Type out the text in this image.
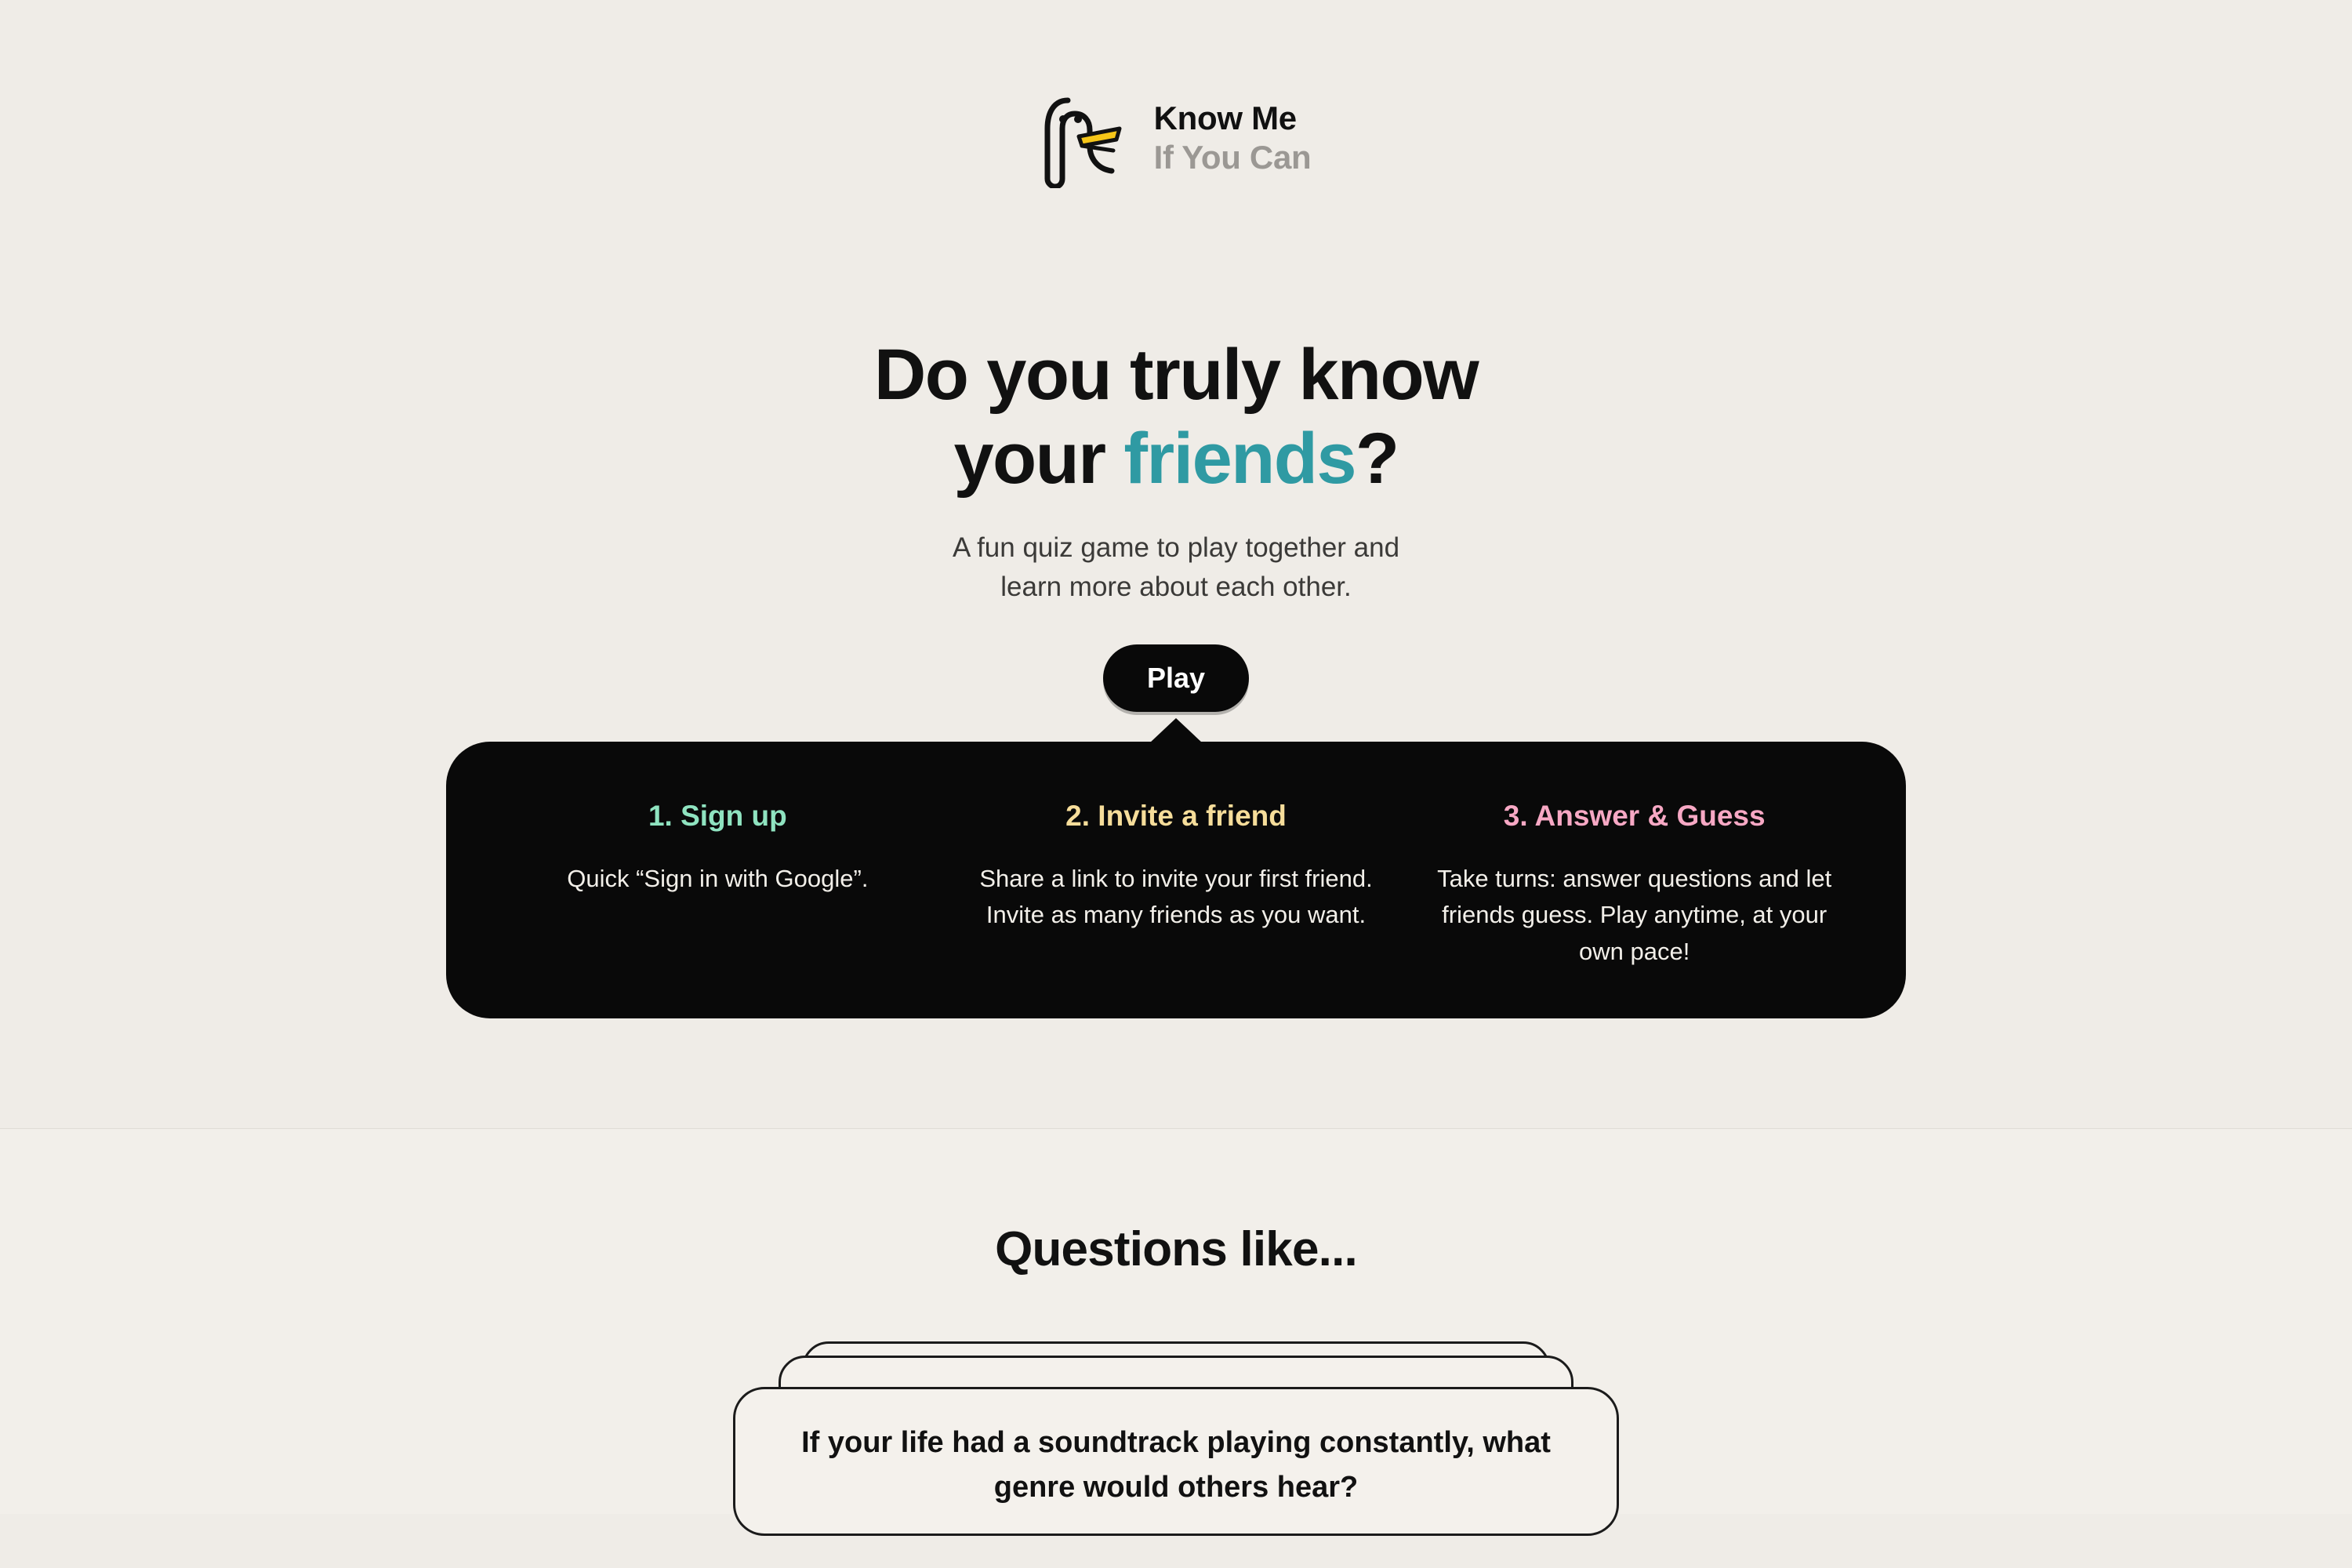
Know Me
If You Can
Do you truly know
your friends?

A fun quiz game to play together and
learn more about each other.

Play
1. Sign up
Quick “Sign in with Google”.
2. Invite a friend
Share a link to invite your first friend. Invite as many friends as you want.
3. Answer & Guess
Take turns: answer questions and let friends guess. Play anytime, at your own pace!
Questions like...
If your life had a soundtrack playing constantly, what genre would others hear?
